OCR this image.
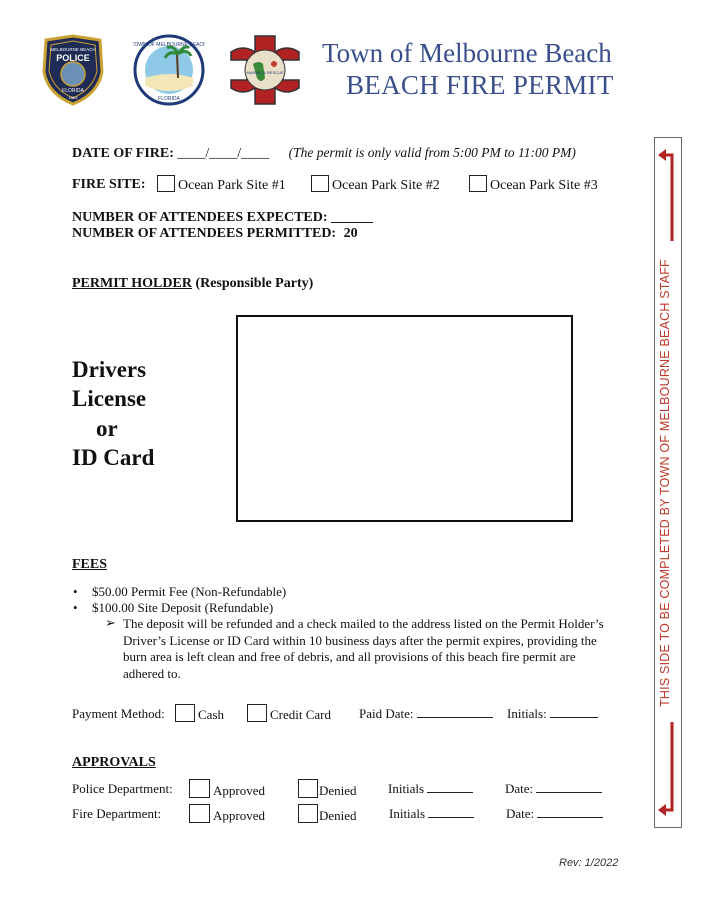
MELBOURNE BEACH
POLICE
FLORIDA
1883
TOWN OF MELBOURNE BEACH
FLORIDA
MARINE & RESCUE
Town of Melbourne Beach
BEACH FIRE PERMIT
DATE OF FIRE: ____/____/____ (The permit is only valid from 5:00 PM to 11:00 PM)
FIRE SITE:	Ocean Park Site #1	Ocean Park Site #2	Ocean Park Site #3
NUMBER OF ATTENDEES EXPECTED: ______
NUMBER OF ATTENDEES PERMITTED: 20
PERMIT HOLDER (Responsible Party)
Drivers
License
or
ID Card
FEES
$50.00 Permit Fee (Non-Refundable)
$100.00 Site Deposit (Refundable)
➢ The deposit will be refunded and a check mailed to the address listed on the Permit Holder’s Driver’s License or ID Card within 10 business days after the permit expires, providing the burn area is left clean and free of debris, and all provisions of this beach fire permit are adhered to.
Payment Method:	Cash	Credit Card Paid Date:	Initials:
APPROVALS
Police Department:	Approved	Denied Initials	Date:
Fire Department:	Approved	Denied Initials	Date:
THIS SIDE TO BE COMPLETED BY TOWN OF MELBOURNE BEACH STAFF
Rev: 1/2022
